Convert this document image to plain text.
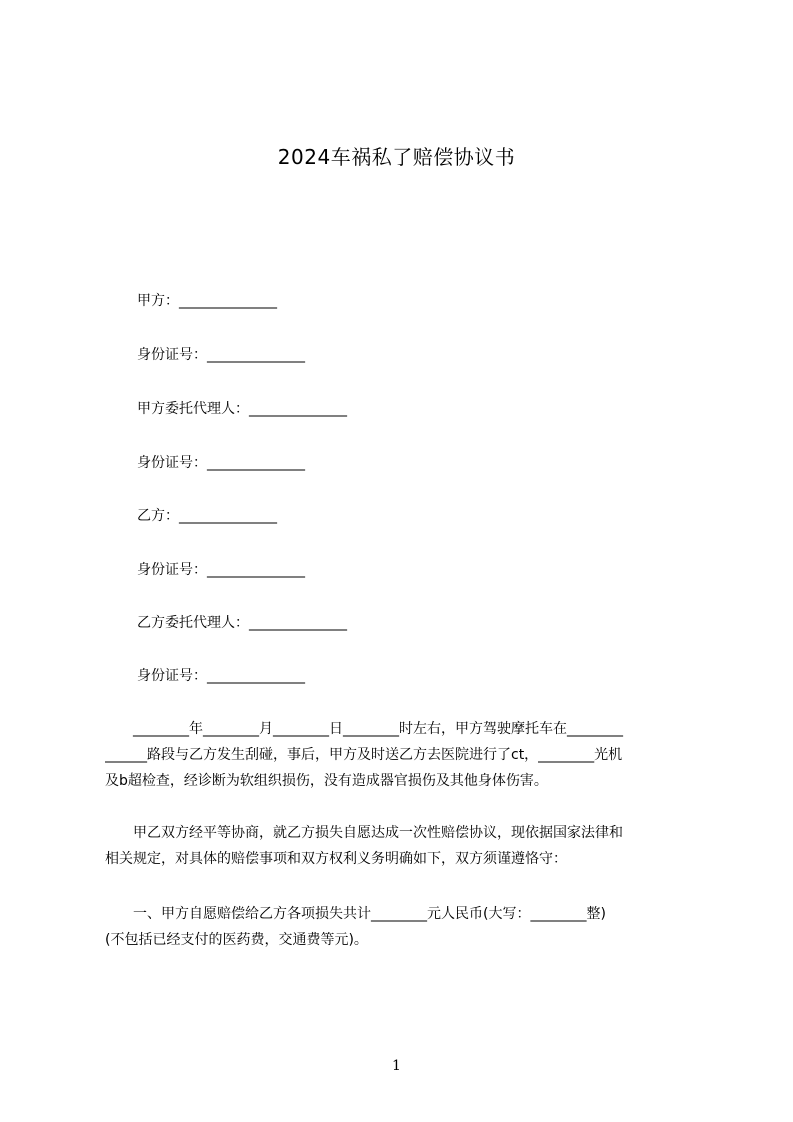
2024车祸私了赔偿协议书
甲方：______________
身份证号：______________
甲方委托代理人：______________
身份证号：______________
乙方：______________
身份证号：______________
乙方委托代理人：______________
身份证号：______________
　　________年________月________日________时左右，甲方驾驶摩托车在________
______路段与乙方发生刮碰，事后，甲方及时送乙方去医院进行了ct，________光机
及b超检查，经诊断为软组织损伤，没有造成器官损伤及其他身体伤害。
　　甲乙双方经平等协商，就乙方损失自愿达成一次性赔偿协议，现依据国家法律和
相关规定，对具体的赔偿事项和双方权利义务明确如下，双方须谨遵恪守：
　　一、甲方自愿赔偿给乙方各项损失共计________元人民币(大写：________整)
(不包括已经支付的医药费，交通费等元)。
1
